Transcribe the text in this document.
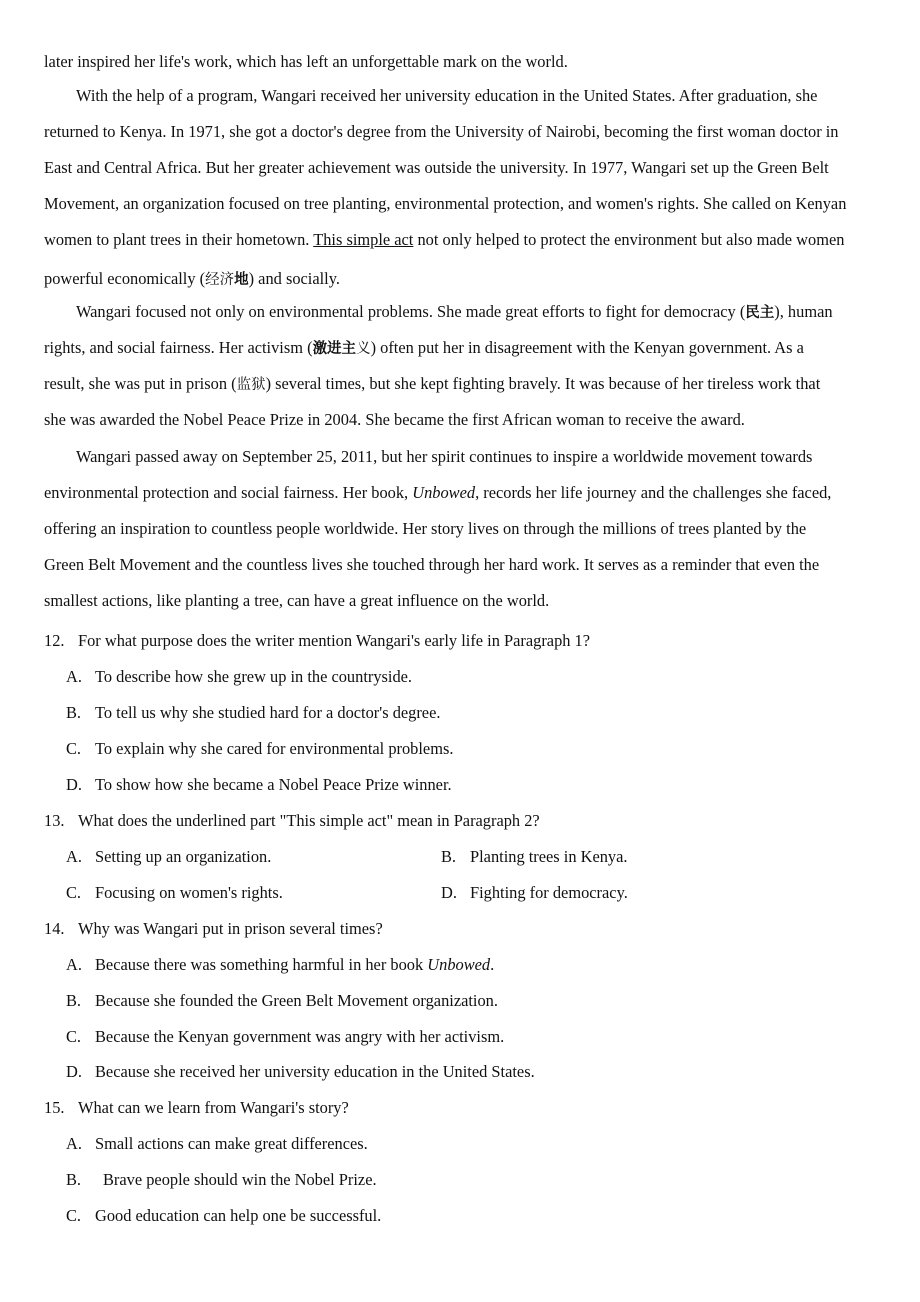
later inspired her life's work, which has left an unforgettable mark on the world.
With the help of a program, Wangari received her university education in the United States. After graduation, she
returned to Kenya. In 1971, she got a doctor's degree from the University of Nairobi, becoming the first woman doctor in
East and Central Africa. But her greater achievement was outside the university. In 1977, Wangari set up the Green Belt
Movement, an organization focused on tree planting, environmental protection, and women's rights. She called on Kenyan
women to plant trees in their hometown. This simple act not only helped to protect the environment but also made women
powerful economically (经济地) and socially.
Wangari focused not only on environmental problems. She made great efforts to fight for democracy (民主), human
rights, and social fairness. Her activism (激进主义) often put her in disagreement with the Kenyan government. As a
result, she was put in prison (监狱) several times, but she kept fighting bravely. It was because of her tireless work that
she was awarded the Nobel Peace Prize in 2004. She became the first African woman to receive the award.
Wangari passed away on September 25, 2011, but her spirit continues to inspire a worldwide movement towards
environmental protection and social fairness. Her book, Unbowed, records her life journey and the challenges she faced,
offering an inspiration to countless people worldwide. Her story lives on through the millions of trees planted by the
Green Belt Movement and the countless lives she touched through her hard work. It serves as a reminder that even the
smallest actions, like planting a tree, can have a great influence on the world.
12. For what purpose does the writer mention Wangari's early life in Paragraph 1?
A. To describe how she grew up in the countryside.
B. To tell us why she studied hard for a doctor's degree.
C. To explain why she cared for environmental problems.
D. To show how she became a Nobel Peace Prize winner.
13. What does the underlined part "This simple act" mean in Paragraph 2?
A. Setting up an organization.	B. Planting trees in Kenya.
C. Focusing on women's rights.	D. Fighting for democracy.
14. Why was Wangari put in prison several times?
A. Because there was something harmful in her book Unbowed.
B. Because she founded the Green Belt Movement organization.
C. Because the Kenyan government was angry with her activism.
D. Because she received her university education in the United States.
15. What can we learn from Wangari's story?
A. Small actions can make great differences.
B. Brave people should win the Nobel Prize.
C. Good education can help one be successful.
